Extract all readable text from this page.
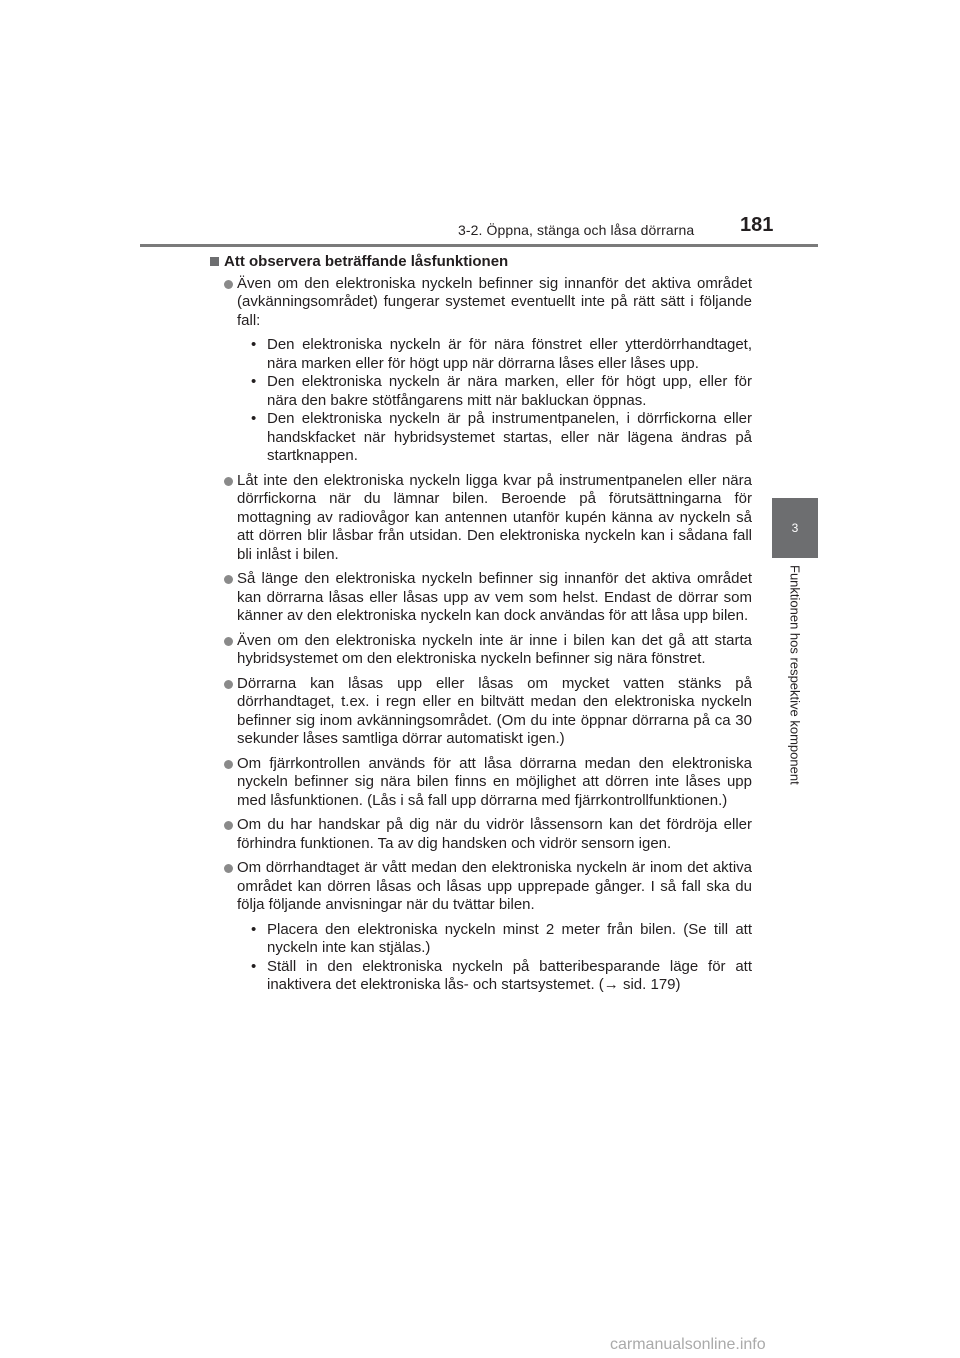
3-2. Öppna, stänga och låsa dörrarna 181
3
Funktionen hos respektive komponent
Att observera beträffande låsfunktionen
Även om den elektroniska nyckeln befinner sig innanför det aktiva området (avkänningsområdet) fungerar systemet eventuellt inte på rätt sätt i följande fall:
• Den elektroniska nyckeln är för nära fönstret eller ytterdörrhandtaget, nära marken eller för högt upp när dörrarna låses eller låses upp.
• Den elektroniska nyckeln är nära marken, eller för högt upp, eller för nära den bakre stötfångarens mitt när bakluckan öppnas.
• Den elektroniska nyckeln är på instrumentpanelen, i dörrfickorna eller handskfacket när hybridsystemet startas, eller när lägena ändras på startknappen.
Låt inte den elektroniska nyckeln ligga kvar på instrumentpanelen eller nära dörrfickorna när du lämnar bilen. Beroende på förutsättningarna för mottagning av radiovågor kan antennen utanför kupén känna av nyckeln så att dörren blir låsbar från utsidan. Den elektroniska nyckeln kan i sådana fall bli inlåst i bilen.
Så länge den elektroniska nyckeln befinner sig innanför det aktiva området kan dörrarna låsas eller låsas upp av vem som helst. Endast de dörrar som känner av den elektroniska nyckeln kan dock användas för att låsa upp bilen.
Även om den elektroniska nyckeln inte är inne i bilen kan det gå att starta hybridsystemet om den elektroniska nyckeln befinner sig nära fönstret.
Dörrarna kan låsas upp eller låsas om mycket vatten stänks på dörrhandtaget, t.ex. i regn eller en biltvätt medan den elektroniska nyckeln befinner sig inom avkänningsområdet. (Om du inte öppnar dörrarna på ca 30 sekunder låses samtliga dörrar automatiskt igen.)
Om fjärrkontrollen används för att låsa dörrarna medan den elektroniska nyckeln befinner sig nära bilen finns en möjlighet att dörren inte låses upp med låsfunktionen. (Lås i så fall upp dörrarna med fjärrkontrollfunktionen.)
Om du har handskar på dig när du vidrör låssensorn kan det fördröja eller förhindra funktionen. Ta av dig handsken och vidrör sensorn igen.
Om dörrhandtaget är vått medan den elektroniska nyckeln är inom det aktiva området kan dörren låsas och låsas upp upprepade gånger. I så fall ska du följa följande anvisningar när du tvättar bilen.
• Placera den elektroniska nyckeln minst 2 meter från bilen. (Se till att nyckeln inte kan stjälas.)
• Ställ in den elektroniska nyckeln på batteribesparande läge för att inaktivera det elektroniska lås- och startsystemet. (→ sid. 179)
carmanualsonline.info
